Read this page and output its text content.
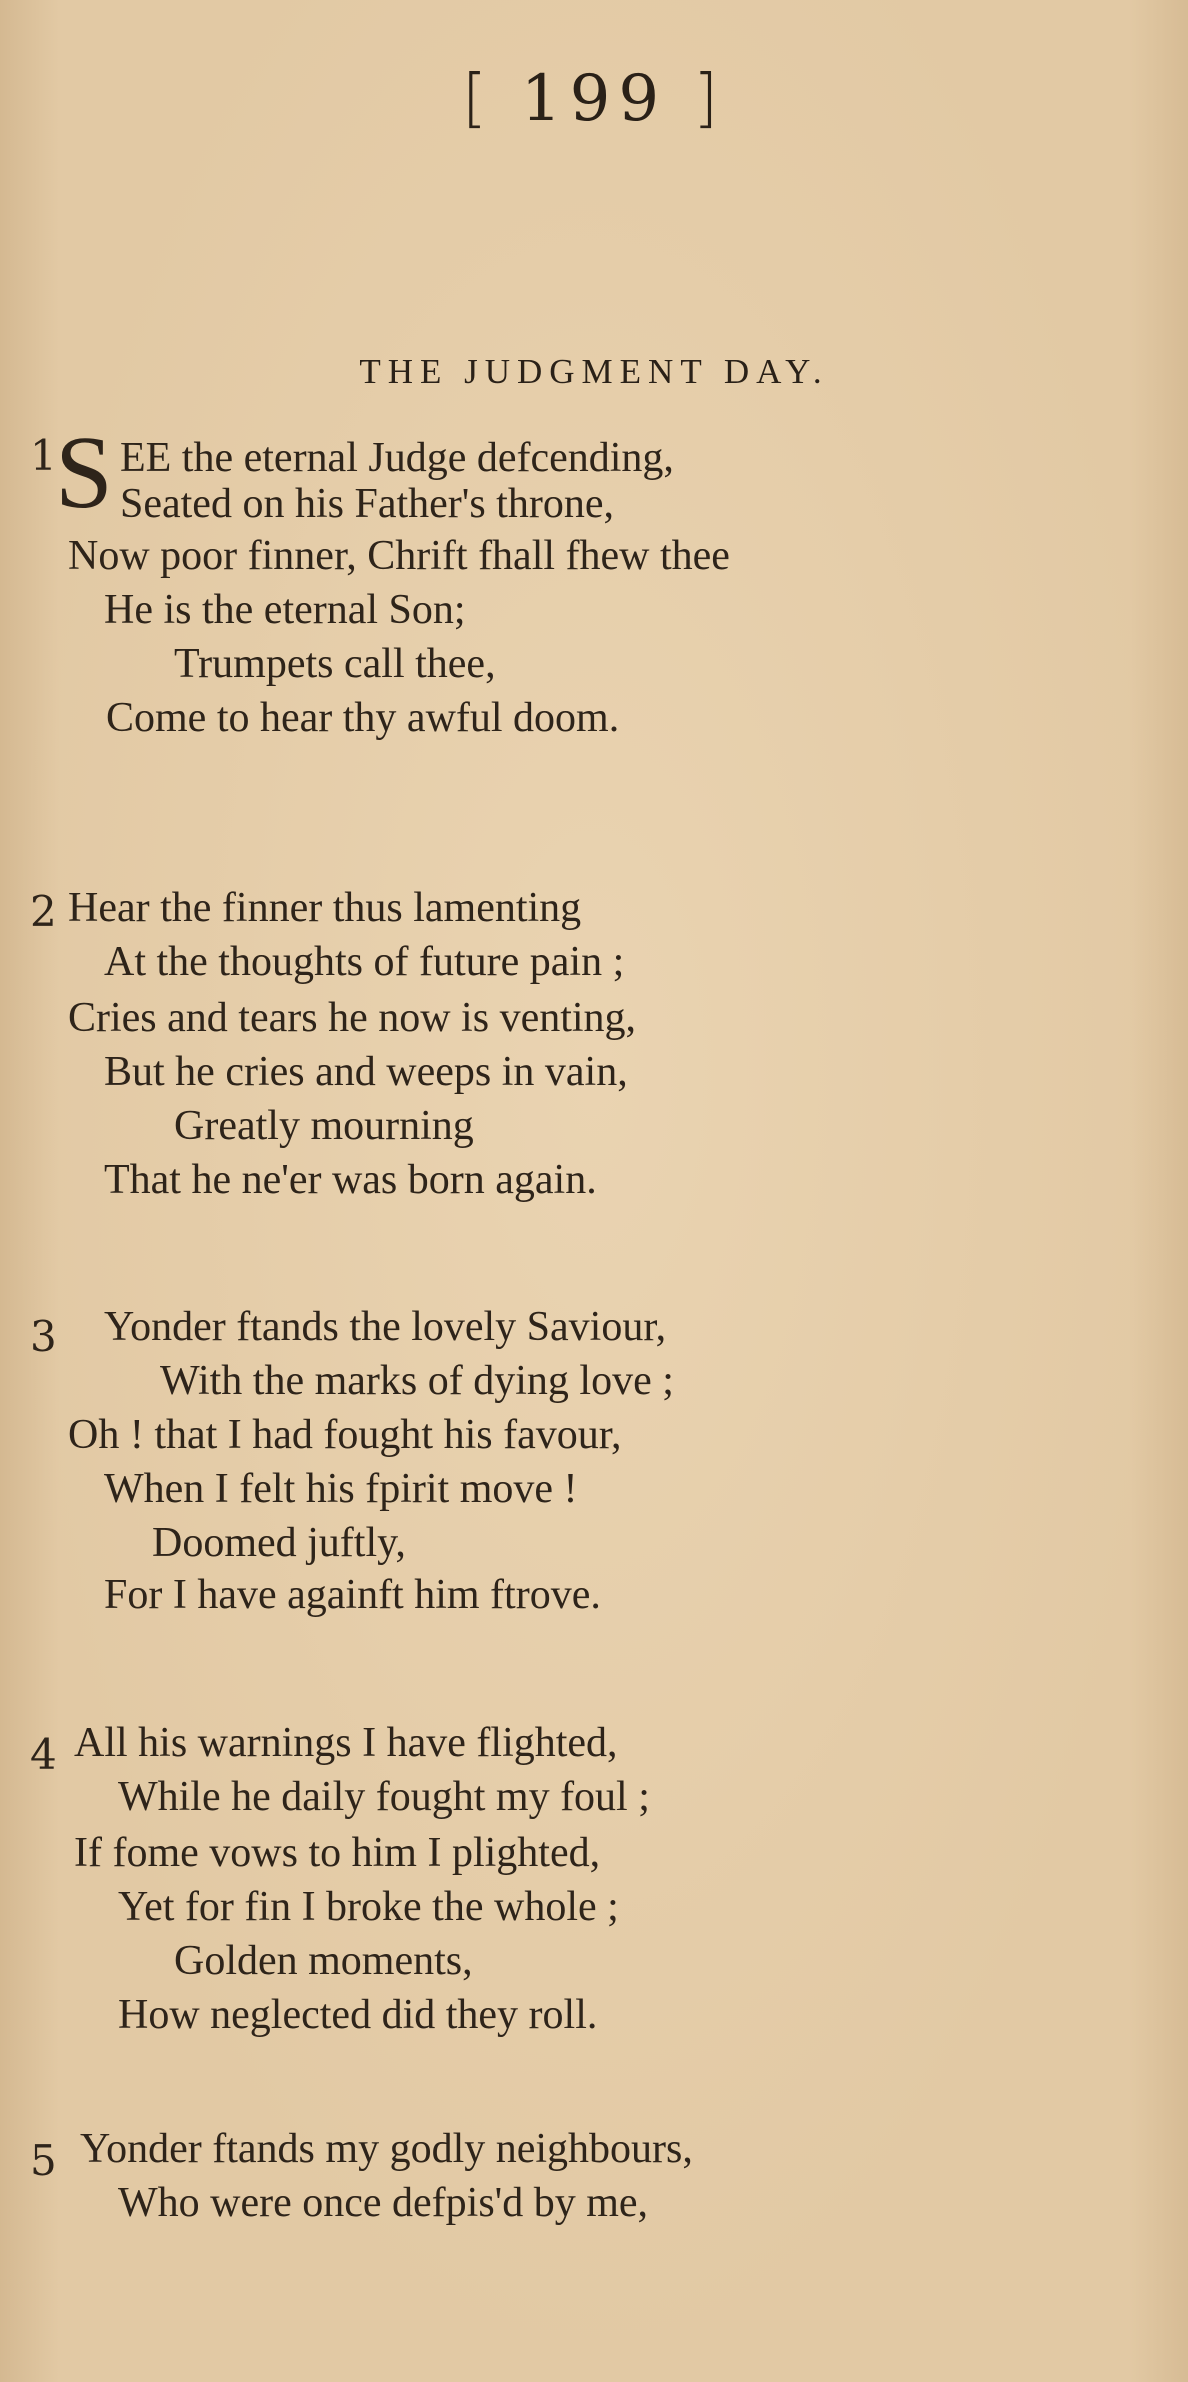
[ 199 ]
THE JUDGMENT DAY.
1
S EE the eternal Judge defcending,
Seated on his Father's throne,
Now poor finner, Chrift fhall fhew thee
He is the eternal Son;
Trumpets call thee,
Come to hear thy awful doom.
2 Hear the finner thus lamenting
At the thoughts of future pain ;
Cries and tears he now is venting,
But he cries and weeps in vain,
Greatly mourning
That he ne'er was born again.
3 Yonder ftands the lovely Saviour,
With the marks of dying love ;
Oh ! that I had fought his favour,
When I felt his fpirit move !
Doomed juftly,
For I have againft him ftrove.
4 All his warnings I have flighted,
While he daily fought my foul ;
If fome vows to him I plighted,
Yet for fin I broke the whole ;
Golden moments,
How neglected did they roll.
5 Yonder ftands my godly neighbours,
Who were once defpis'd by me,
